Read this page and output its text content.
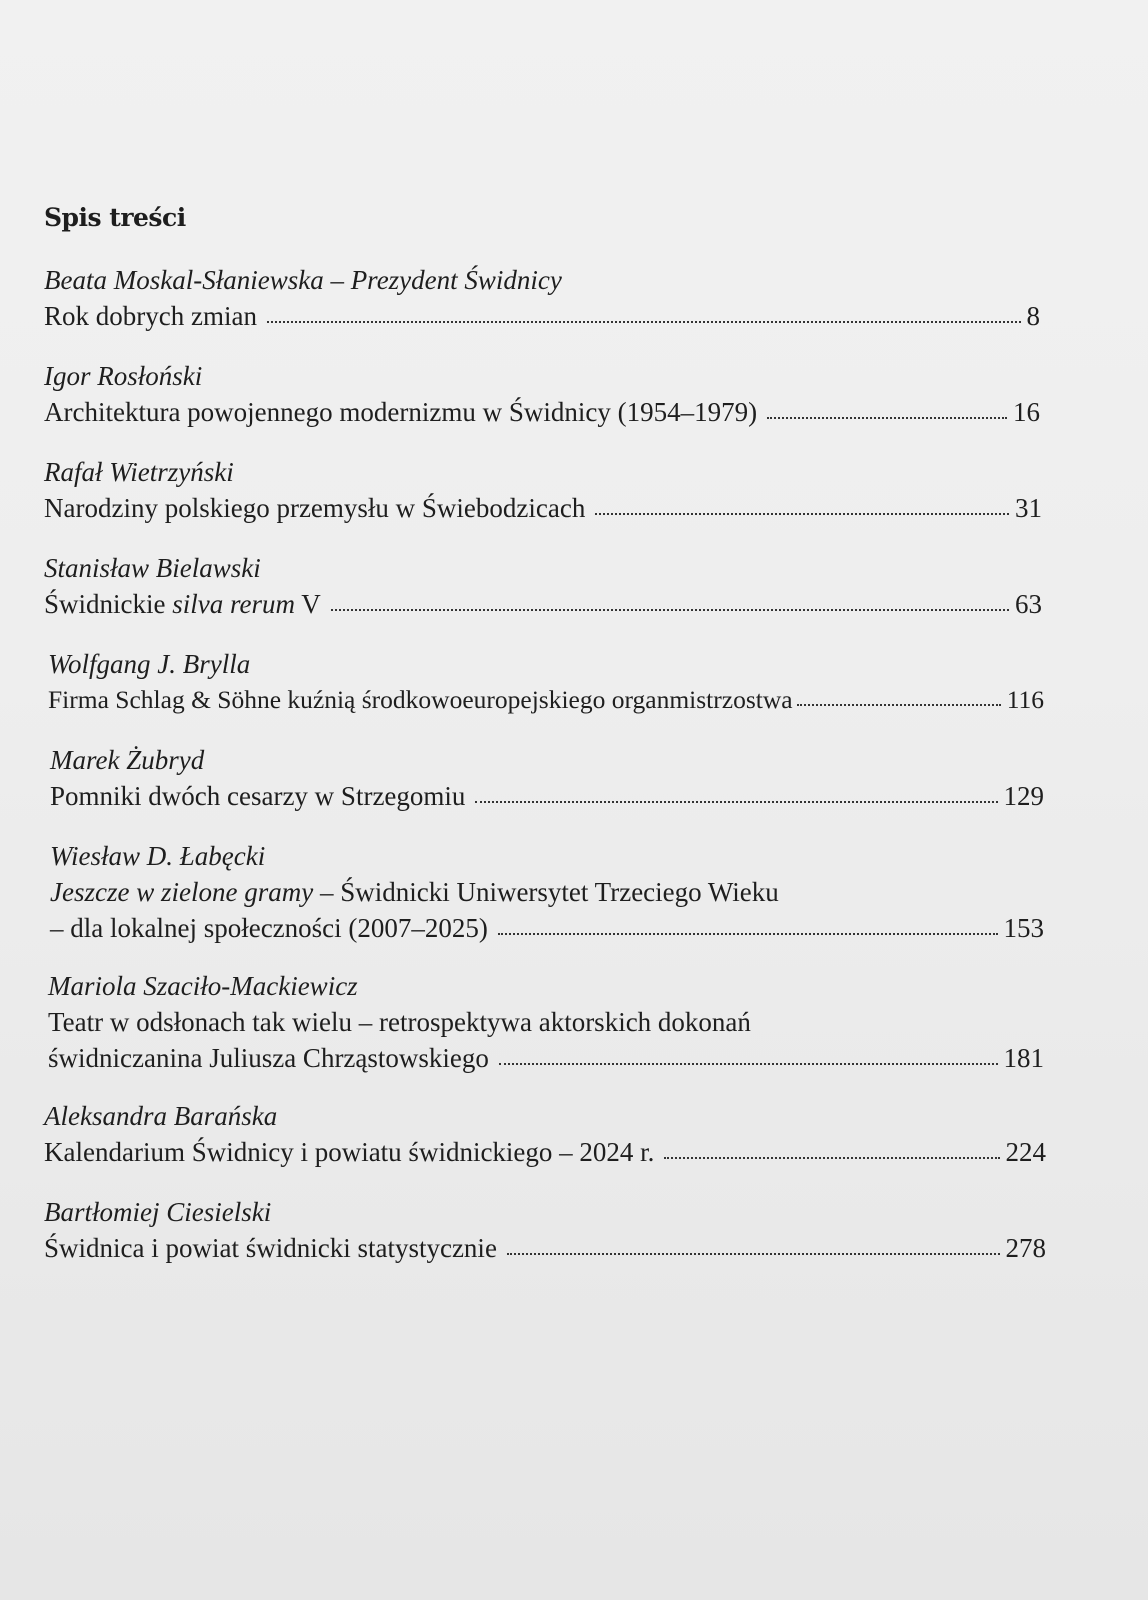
Spis treści
Beata Moskal-Słaniewska – Prezydent Świdnicy
Rok dobrych zmian	8
Igor Rosłoński
Architektura powojennego modernizmu w Świdnicy (1954–1979)	16
Rafał Wietrzyński
Narodziny polskiego przemysłu w Świebodzicach	31
Stanisław Bielawski
Świdnickie silva rerum V	63
Wolfgang J. Brylla
Firma Schlag & Söhne kuźnią środkowoeuropejskiego organmistrzostwa	116
Marek Żubryd
Pomniki dwóch cesarzy w Strzegomiu	129
Wiesław D. Łabęcki
Jeszcze w zielone gramy – Świdnicki Uniwersytet Trzeciego Wieku
– dla lokalnej społeczności (2007–2025)	153
Mariola Szaciło-Mackiewicz
Teatr w odsłonach tak wielu – retrospektywa aktorskich dokonań
świdniczanina Juliusza Chrząstowskiego	181
Aleksandra Barańska
Kalendarium Świdnicy i powiatu świdnickiego – 2024 r.	224
Bartłomiej Ciesielski
Świdnica i powiat świdnicki statystycznie	278
